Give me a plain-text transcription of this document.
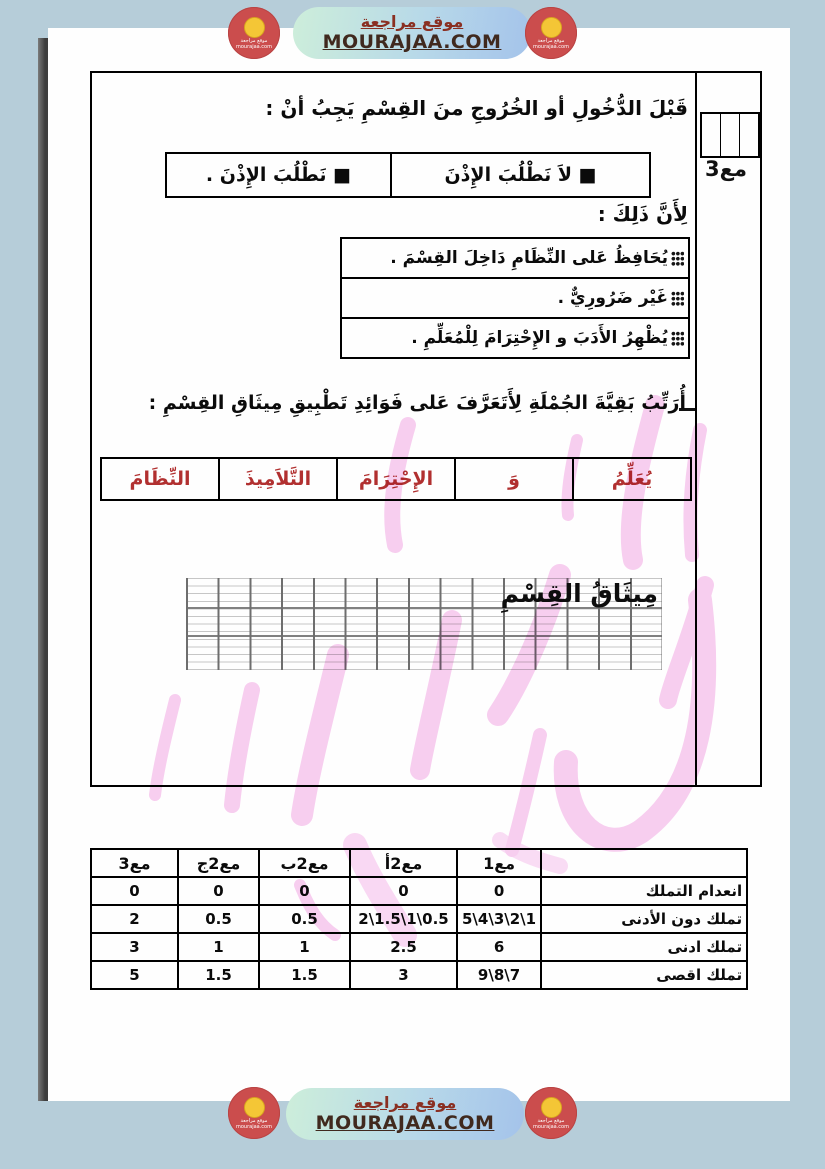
موقع مراجعة
mourajaa.com
موقع مراجعة
MOURAJAA.COM	موقع مراجعة
mourajaa.com
مع3
قَبْلَ الدُّخُولِ أو الخُرُوجِ منَ القِسْمِ يَجِبُ أنْ :
■ لاَ نَطْلُبَ الإِذْنَ
■ نَطْلُبَ الإِذْنَ .
لِأَنَّ ذَلِكَ :
يُحَافِظُ عَلى النِّظَامِ دَاخِلَ القِسْمَ .
غَيْر ضَرُورِيٌّ .
يُظْهِرُ الأَدَبَ و الإِحْتِرَامَ لِلْمُعَلِّمِ .
أُرَتِّبُ بَقِيَّةَ الجُمْلَةِ لِأَتَعَرَّفَ عَلى فَوَائِدِ تَطْبِيقِ مِيثَاقِ القِسْمِ :
يُعَلِّمُ
وَ
الإِحْتِرَامَ
التَّلاَمِيذَ
النِّظَامَ
مِيثَاقُ القِسْمِ
	مع1	مع2أ	مع2ب	مع2ج	مع3
انعدام التملك	0	0	0	0	0
تملك دون الأدنى	5\4\3\2\1	2\1.5\1\0.5	0.5	0.5	2
تملك ادنى	6	2.5	1	1	3
تملك اقصى	9\8\7	3	1.5	1.5	5
موقع مراجعة
mourajaa.com
موقع مراجعة
MOURAJAA.COM	موقع مراجعة
mourajaa.com
